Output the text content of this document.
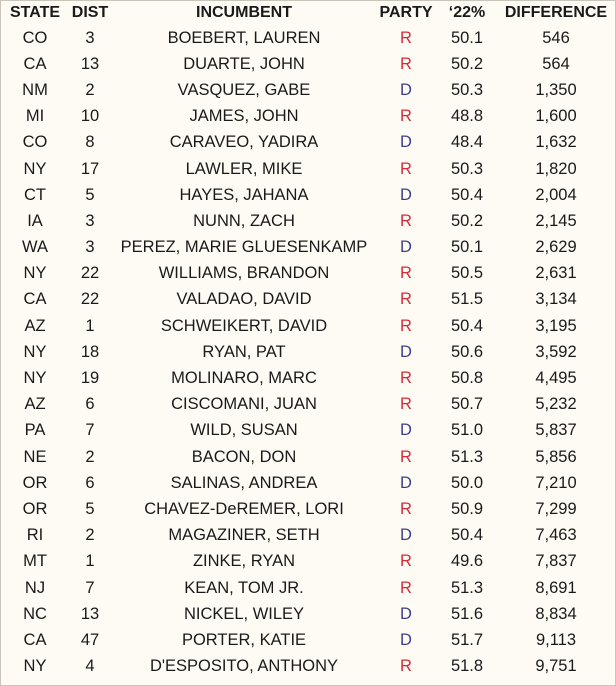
STATE	DIST	INCUMBENT	PARTY	‘22%	DIFFERENCE
CO	3	BOEBERT, LAUREN	R	50.1	546
CA	13	DUARTE, JOHN	R	50.2	564
NM	2	VASQUEZ, GABE	D	50.3	1,350
MI	10	JAMES, JOHN	R	48.8	1,600
CO	8	CARAVEO, YADIRA	D	48.4	1,632
NY	17	LAWLER, MIKE	R	50.3	1,820
CT	5	HAYES, JAHANA	D	50.4	2,004
IA	3	NUNN, ZACH	R	50.2	2,145
WA	3	PEREZ, MARIE GLUESENKAMP	D	50.1	2,629
NY	22	WILLIAMS, BRANDON	R	50.5	2,631
CA	22	VALADAO, DAVID	R	51.5	3,134
AZ	1	SCHWEIKERT, DAVID	R	50.4	3,195
NY	18	RYAN, PAT	D	50.6	3,592
NY	19	MOLINARO, MARC	R	50.8	4,495
AZ	6	CISCOMANI, JUAN	R	50.7	5,232
PA	7	WILD, SUSAN	D	51.0	5,837
NE	2	BACON, DON	R	51.3	5,856
OR	6	SALINAS, ANDREA	D	50.0	7,210
OR	5	CHAVEZ-DeREMER, LORI	R	50.9	7,299
RI	2	MAGAZINER, SETH	D	50.4	7,463
MT	1	ZINKE, RYAN	R	49.6	7,837
NJ	7	KEAN, TOM JR.	R	51.3	8,691
NC	13	NICKEL, WILEY	D	51.6	8,834
CA	47	PORTER, KATIE	D	51.7	9,113
NY	4	D'ESPOSITO, ANTHONY	R	51.8	9,751
